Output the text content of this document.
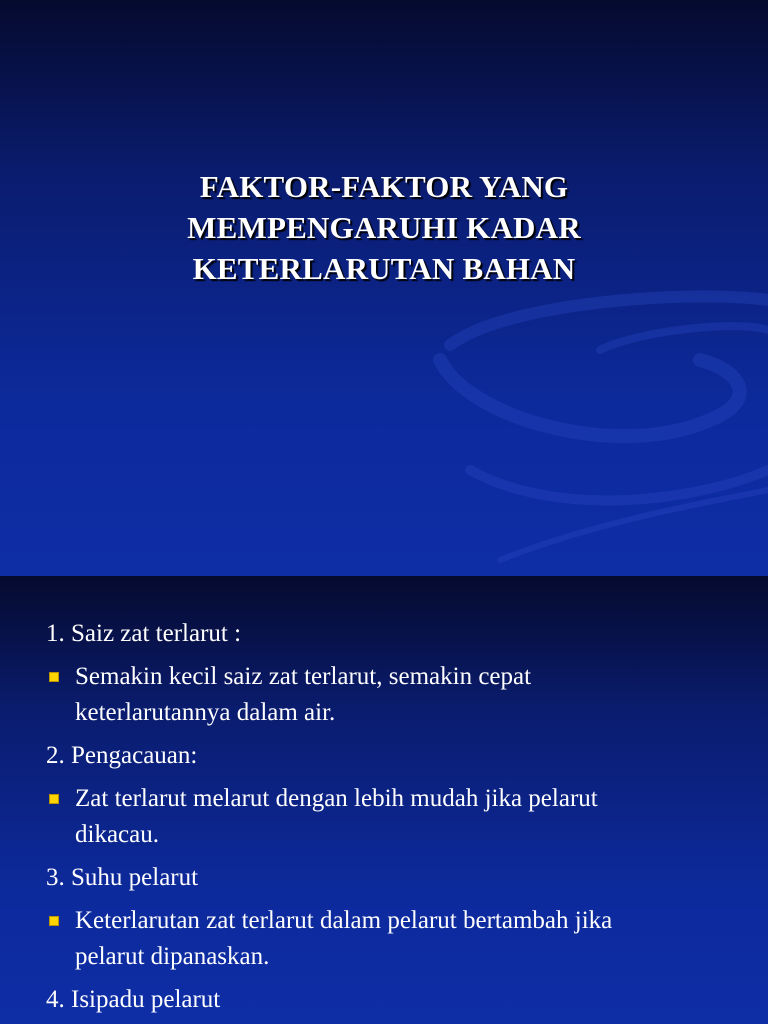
FAKTOR-FAKTOR YANG
MEMPENGARUHI KADAR
KETERLARUTAN BAHAN
1. Saiz zat terlarut :
Semakin kecil saiz zat terlarut, semakin cepat
keterlarutannya dalam air.
2. Pengacauan:
Zat terlarut melarut dengan lebih mudah jika pelarut
dikacau.
3. Suhu pelarut
Keterlarutan zat terlarut dalam pelarut bertambah jika
pelarut dipanaskan.
4. Isipadu pelarut
